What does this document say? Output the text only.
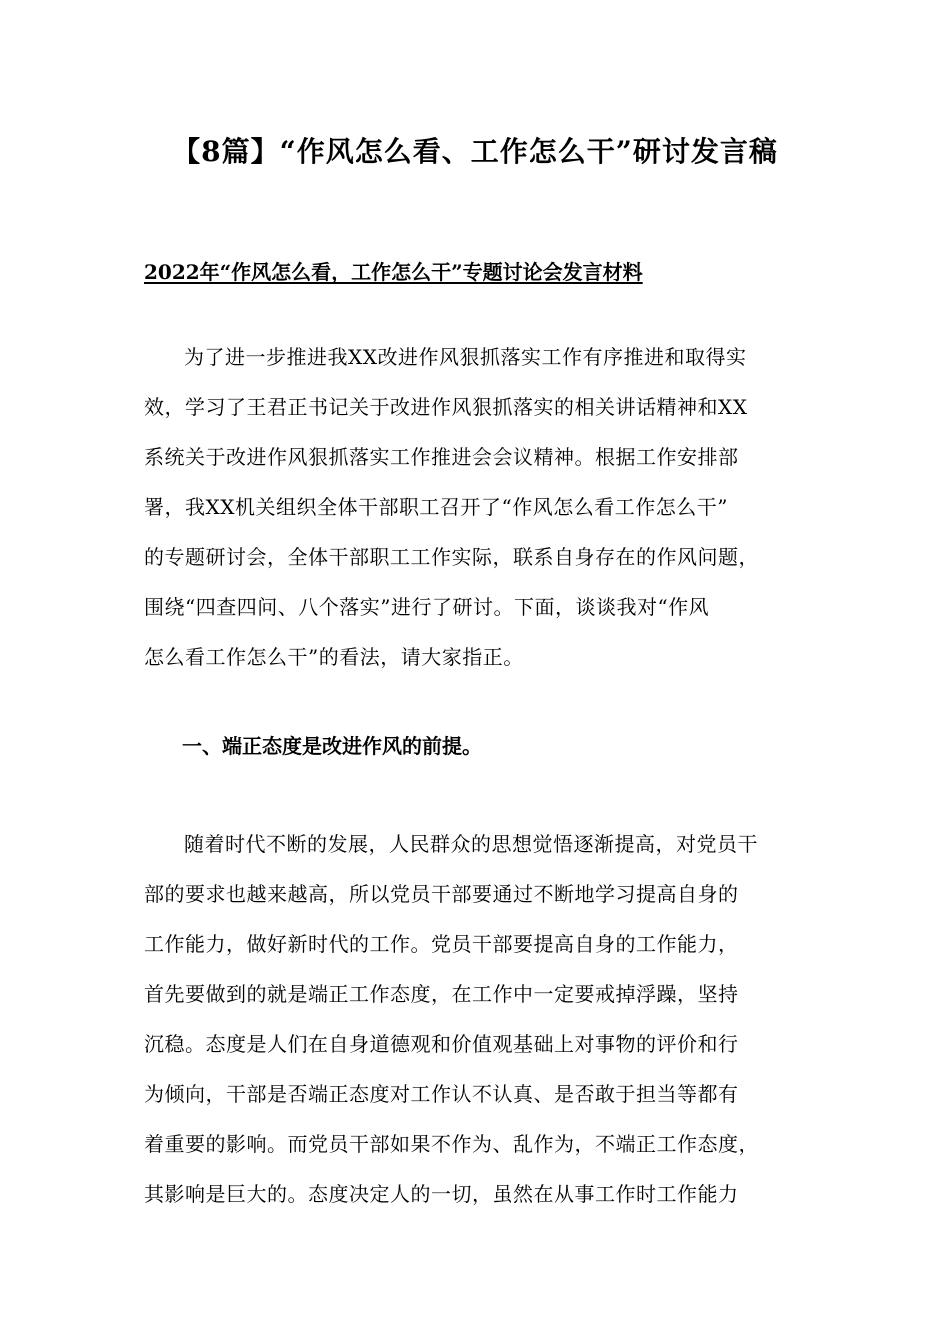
【8篇】“作风怎么看、工作怎么干”研讨发言稿
2022年“作风怎么看，工作怎么干”专题讨论会发言材料
为了进一步推进我XX改进作风狠抓落实工作有序推进和取得实
效，学习了王君正书记关于改进作风狠抓落实的相关讲话精神和XX
系统关于改进作风狠抓落实工作推进会会议精神。根据工作安排部
署，我XX机关组织全体干部职工召开了“作风怎么看工作怎么干”
的专题研讨会，全体干部职工工作实际，联系自身存在的作风问题，
围绕“四查四问、八个落实”进行了研讨。下面，谈谈我对“作风
怎么看工作怎么干”的看法，请大家指正。
一、端正态度是改进作风的前提。
随着时代不断的发展，人民群众的思想觉悟逐渐提高，对党员干
部的要求也越来越高，所以党员干部要通过不断地学习提高自身的
工作能力，做好新时代的工作。党员干部要提高自身的工作能力，
首先要做到的就是端正工作态度，在工作中一定要戒掉浮躁，坚持
沉稳。态度是人们在自身道德观和价值观基础上对事物的评价和行
为倾向，干部是否端正态度对工作认不认真、是否敢于担当等都有
着重要的影响。而党员干部如果不作为、乱作为，不端正工作态度，
其影响是巨大的。态度决定人的一切，虽然在从事工作时工作能力
